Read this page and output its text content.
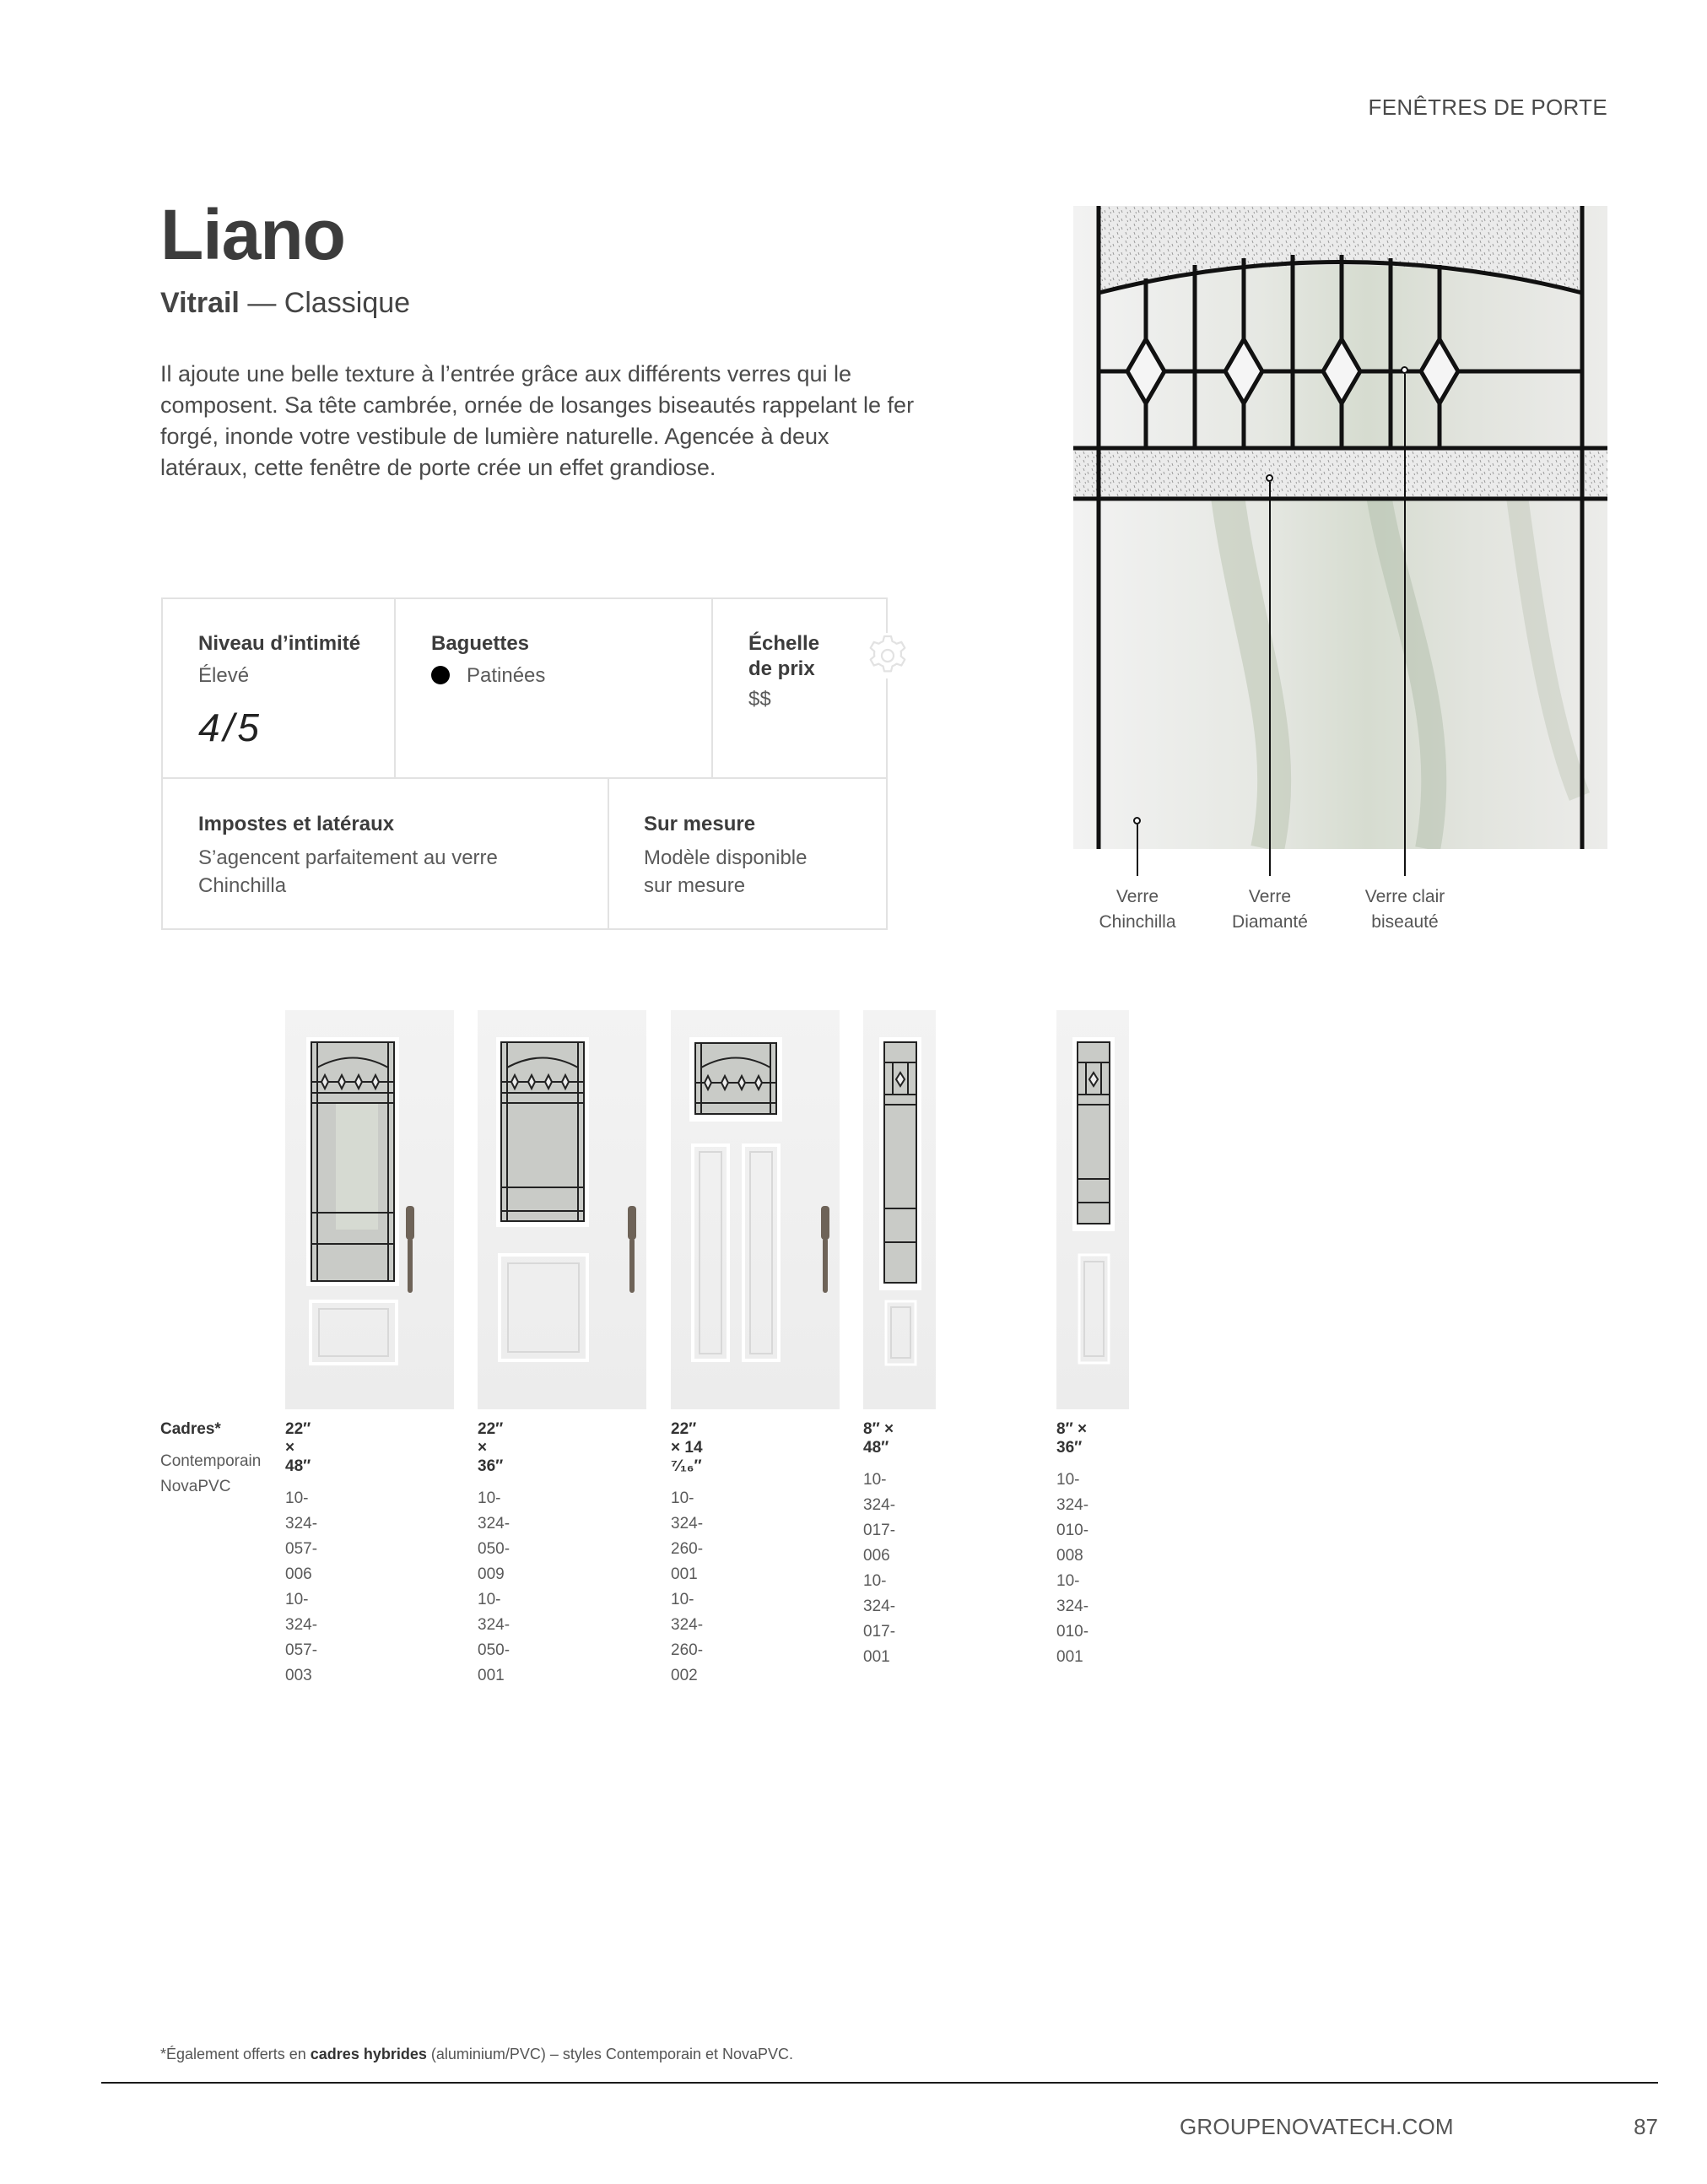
FENÊTRES DE PORTE
Liano
Vitrail — Classique

Il ajoute une belle texture à l’entrée grâce aux différents verres qui le composent. Sa tête cambrée, ornée de losanges biseautés rappelant le fer forgé, inonde votre vestibule de lumière naturelle. Agencée à deux latéraux, cette fenêtre de porte crée un effet grandiose.

Niveau d’intimité
Élevé
4/5
Baguettes
Patinées
Échelle
de prix
$$
Impostes et latéraux
S’agencent parfaitement au verre
Chinchilla
Sur mesure
Modèle disponible
sur mesure	Verre
Chinchilla
Verre
Diamanté
Verre clair
biseauté
Cadres*
Contemporain
NovaPVC
22″ × 48″
10-324-057-006
10-324-057-003
22″ × 36″
10-324-050-009
10-324-050-001
22″ × 14 ⁷⁄₁₆″
10-324-260-001
10-324-260-002
8″ × 48″
10-324-017-006
10-324-017-001
8″ × 36″
10-324-010-008
10-324-010-001
*Également offerts en cadres hybrides (aluminium/PVC) – styles Contemporain et NovaPVC.
GROUPENOVATECH.COM	87
